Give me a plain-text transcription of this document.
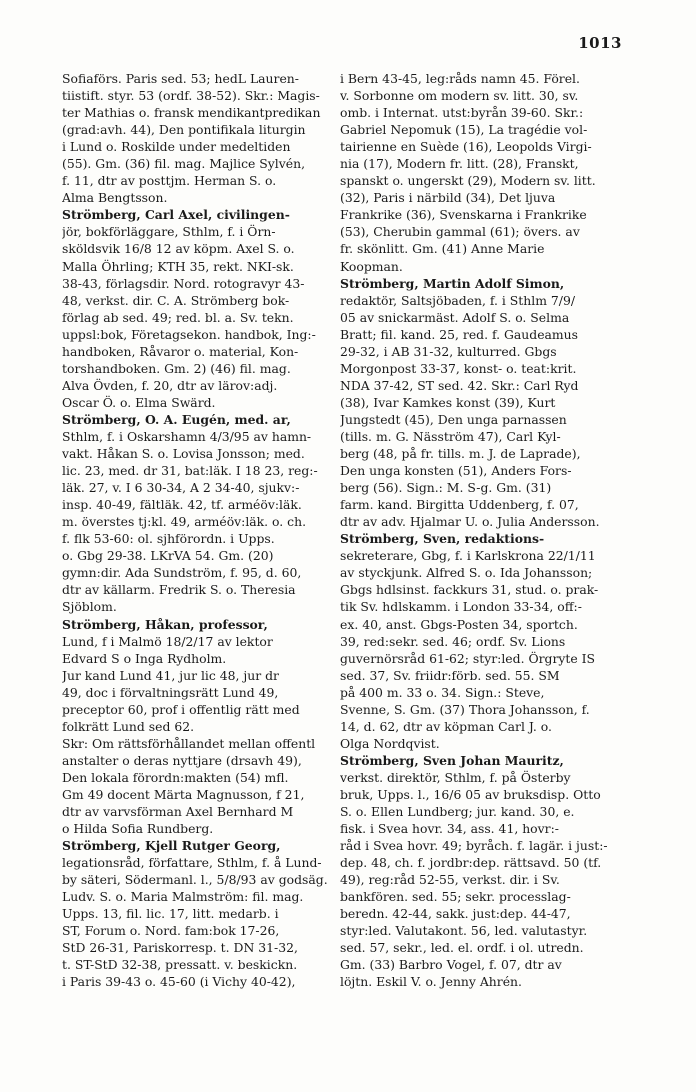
1013
Sofiaförs. Paris sed. 53; hedL Lauren-
tiistift. styr. 53 (ordf. 38-52). Skr.: Magis-
ter Mathias o. fransk mendikantpredikan
(grad:avh. 44), Den pontifikala liturgin
i Lund o. Roskilde under medeltiden
(55). Gm. (36) fil. mag. Majlice Sylvén,
f. 11, dtr av posttjm. Herman S. o.
Alma Bengtsson.
Strömberg, Carl Axel, civilingen-
jör, bokförläggare, Sthlm, f. i Örn-
sköldsvik 16/8 12 av köpm. Axel S. o.
Malla Öhrling; KTH 35, rekt. NKI-sk.
38-43, förlagsdir. Nord. rotogravyr 43-
48, verkst. dir. C. A. Strömberg bok-
förlag ab sed. 49; red. bl. a. Sv. tekn.
uppsl:bok, Företagsekon. handbok, Ing:-
handboken, Råvaror o. material, Kon-
torshandboken. Gm. 2) (46) fil. mag.
Alva Övden, f. 20, dtr av lärov:adj.
Oscar Ö. o. Elma Swärd.
Strömberg, O. A. Eugén, med. ar,
Sthlm, f. i Oskarshamn 4/3/95 av hamn-
vakt. Håkan S. o. Lovisa Jonsson; med.
lic. 23, med. dr 31, bat:läk. I 18 23, reg:-
läk. 27, v. I 6 30-34, A 2 34-40, sjukv:-
insp. 40-49, fältläk. 42, tf. arméöv:läk.
m. överstes tj:kl. 49, arméöv:läk. o. ch.
f. flk 53-60: ol. sjhförordn. i Upps.
o. Gbg 29-38. LKrVA 54. Gm. (20)
gymn:dir. Ada Sundström, f. 95, d. 60,
dtr av källarm. Fredrik S. o. Theresia
Sjöblom.
Strömberg, Håkan, professor,
Lund, f i Malmö 18/2/17 av lektor
Edvard S o Inga Rydholm.
Jur kand Lund 41, jur lic 48, jur dr
49, doc i förvaltningsrätt Lund 49,
preceptor 60, prof i offentlig rätt med
folkrätt Lund sed 62.
Skr: Om rättsförhållandet mellan offentl
anstalter o deras nyttjare (drsavh 49),
Den lokala förordn:makten (54) mfl.
Gm 49 docent Märta Magnusson, f 21,
dtr av varvsförman Axel Bernhard M
o Hilda Sofia Rundberg.
Strömberg, Kjell Rutger Georg,
legationsråd, författare, Sthlm, f. å Lund-
by säteri, Södermanl. l., 5/8/93 av godsäg.
Ludv. S. o. Maria Malmström: fil. mag.
Upps. 13, fil. lic. 17, litt. medarb. i
ST, Forum o. Nord. fam:bok 17-26,
StD 26-31, Pariskorresp. t. DN 31-32,
t. ST-StD 32-38, pressatt. v. beskickn.
i Paris 39-43 o. 45-60 (i Vichy 40-42),
i Bern 43-45, leg:råds namn 45. Förel.
v. Sorbonne om modern sv. litt. 30, sv.
omb. i Internat. utst:byrån 39-60. Skr.:
Gabriel Nepomuk (15), La tragédie vol-
tairienne en Suède (16), Leopolds Virgi-
nia (17), Modern fr. litt. (28), Franskt,
spanskt o. ungerskt (29), Modern sv. litt.
(32), Paris i närbild (34), Det ljuva
Frankrike (36), Svenskarna i Frankrike
(53), Cherubin gammal (61); övers. av
fr. skönlitt. Gm. (41) Anne Marie
Koopman.
Strömberg, Martin Adolf Simon,
redaktör, Saltsjöbaden, f. i Sthlm 7/9/
05 av snickarmäst. Adolf S. o. Selma
Bratt; fil. kand. 25, red. f. Gaudeamus
29-32, i AB 31-32, kulturred. Gbgs
Morgonpost 33-37, konst- o. teat:krit.
NDA 37-42, ST sed. 42. Skr.: Carl Ryd
(38), Ivar Kamkes konst (39), Kurt
Jungstedt (45), Den unga parnassen
(tills. m. G. Näsström 47), Carl Kyl-
berg (48, på fr. tills. m. J. de Laprade),
Den unga konsten (51), Anders Fors-
berg (56). Sign.: M. S-g. Gm. (31)
farm. kand. Birgitta Uddenberg, f. 07,
dtr av adv. Hjalmar U. o. Julia Andersson.
Strömberg, Sven, redaktions-
sekreterare, Gbg, f. i Karlskrona 22/1/11
av styckjunk. Alfred S. o. Ida Johansson;
Gbgs hdlsinst. fackkurs 31, stud. o. prak-
tik Sv. hdlskamm. i London 33-34, off:-
ex. 40, anst. Gbgs-Posten 34, sportch.
39, red:sekr. sed. 46; ordf. Sv. Lions
guvernörsråd 61-62; styr:led. Örgryte IS
sed. 37, Sv. friidr:förb. sed. 55. SM
på 400 m. 33 o. 34. Sign.: Steve,
Svenne, S. Gm. (37) Thora Johansson, f.
14, d. 62, dtr av köpman Carl J. o.
Olga Nordqvist.
Strömberg, Sven Johan Mauritz,
verkst. direktör, Sthlm, f. på Österby
bruk, Upps. l., 16/6 05 av bruksdisp. Otto
S. o. Ellen Lundberg; jur. kand. 30, e.
fisk. i Svea hovr. 34, ass. 41, hovr:-
råd i Svea hovr. 49; byråch. f. lagär. i just:-
dep. 48, ch. f. jordbr:dep. rättsavd. 50 (tf.
49), reg:råd 52-55, verkst. dir. i Sv.
bankfören. sed. 55; sekr. processlag-
beredn. 42-44, sakk. just:dep. 44-47,
styr:led. Valutakont. 56, led. valutastyr.
sed. 57, sekr., led. el. ordf. i ol. utredn.
Gm. (33) Barbro Vogel, f. 07, dtr av
löjtn. Eskil V. o. Jenny Ahrén.
